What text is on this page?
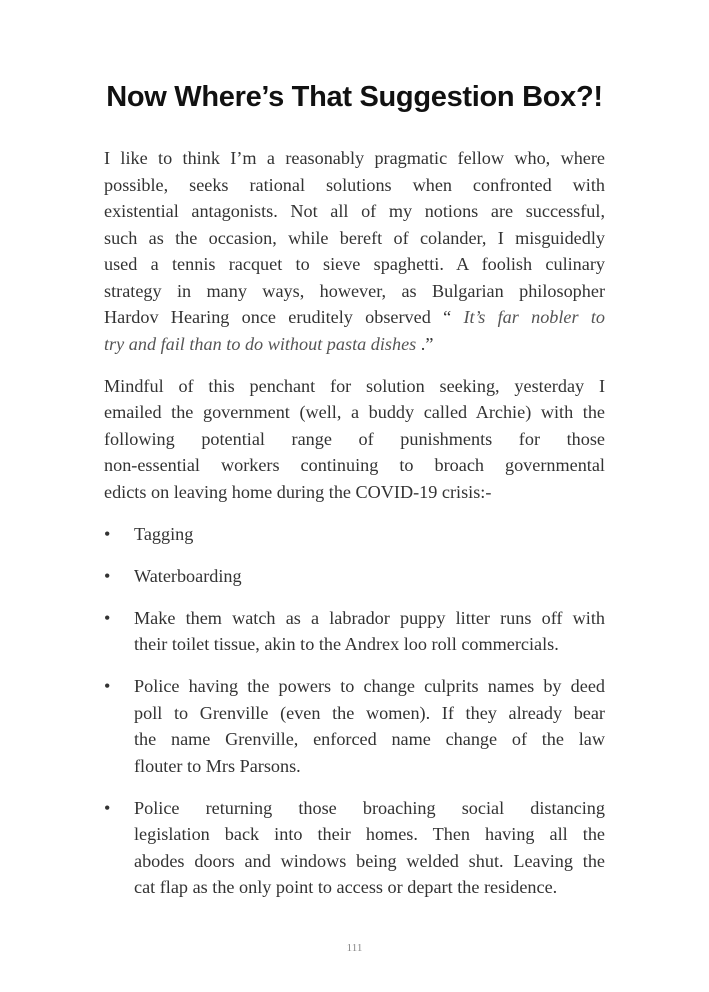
Now Where’s That Suggestion Box?!
I like to think I’m a reasonably pragmatic fellow who, where
possible, seeks rational solutions when confronted with
existential antagonists. Not all of my notions are successful,
such as the occasion, while bereft of colander, I misguidedly
used a tennis racquet to sieve spaghetti. A foolish culinary
strategy in many ways, however, as Bulgarian philosopher
Hardov Hearing once eruditely observed “ It’s far nobler to
try and fail than to do without pasta dishes .”
Mindful of this penchant for solution seeking, yesterday I
emailed the government (well, a buddy called Archie) with the
following potential range of punishments for those
non-essential workers continuing to broach governmental
edicts on leaving home during the COVID-19 crisis:-
• Tagging
• Waterboarding
• Make them watch as a labrador puppy litter runs off with
their toilet tissue, akin to the Andrex loo roll commercials.
• Police having the powers to change culprits names by deed
poll to Grenville (even the women). If they already bear
the name Grenville, enforced name change of the law
flouter to Mrs Parsons.
• Police returning those broaching social distancing
legislation back into their homes. Then having all the
abodes doors and windows being welded shut. Leaving the
cat flap as the only point to access or depart the residence.
111
